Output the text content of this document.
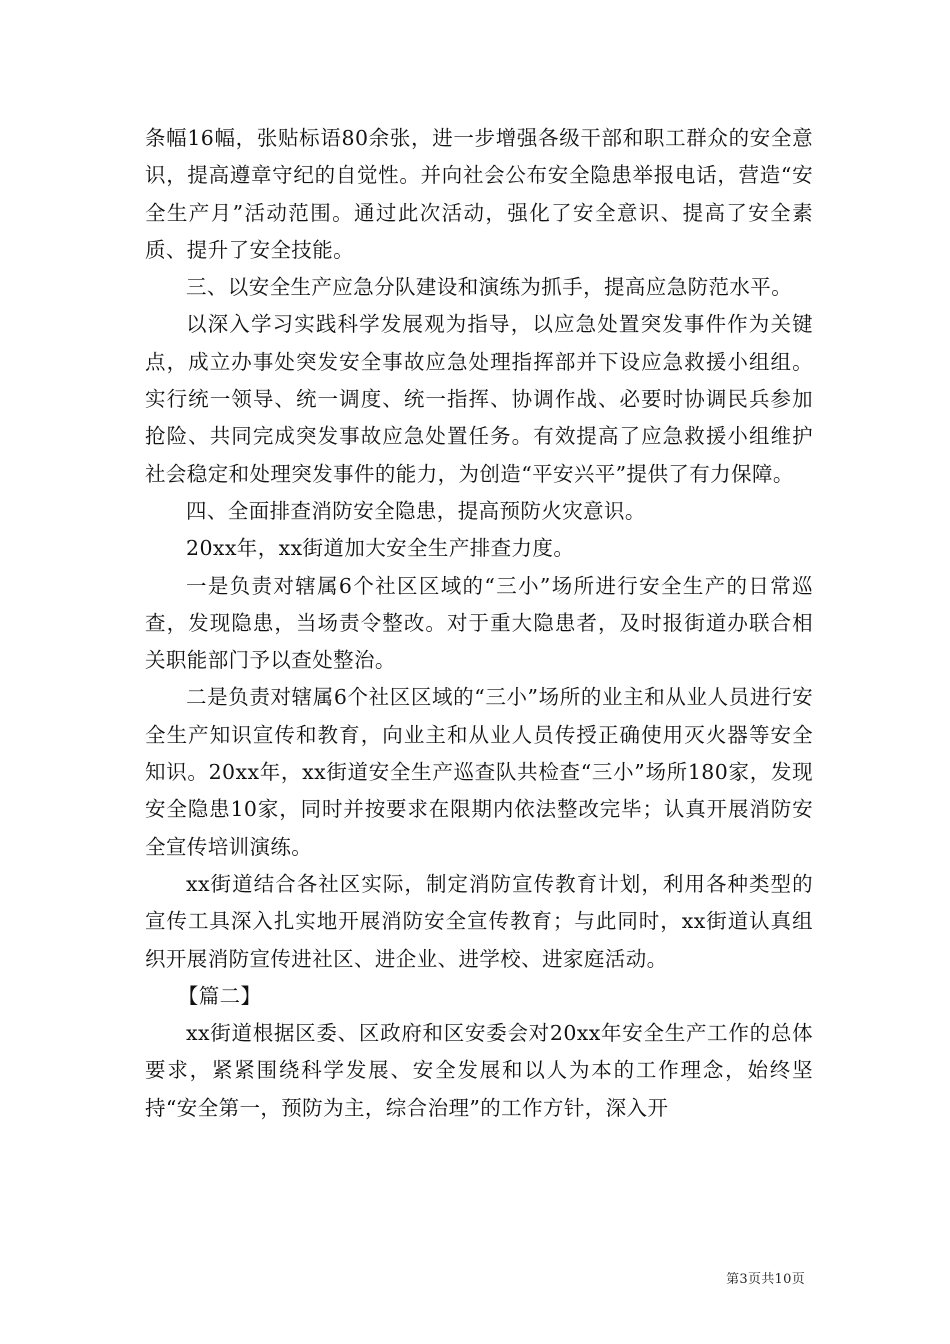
条幅16幅，张贴标语80余张，进一步增强各级干部和职工群众的安全意识，提高遵章守纪的自觉性。并向社会公布安全隐患举报电话，营造“安全生产月”活动范围。通过此次活动，强化了安全意识、提高了安全素质、提升了安全技能。

三、以安全生产应急分队建设和演练为抓手，提高应急防范水平。

以深入学习实践科学发展观为指导，以应急处置突发事件作为关键点，成立办事处突发安全事故应急处理指挥部并下设应急救援小组组。实行统一领导、统一调度、统一指挥、协调作战、必要时协调民兵参加抢险、共同完成突发事故应急处置任务。有效提高了应急救援小组维护社会稳定和处理突发事件的能力，为创造“平安兴平”提供了有力保障。

四、全面排查消防安全隐患，提高预防火灾意识。

20xx年，xx街道加大安全生产排查力度。

一是负责对辖属6个社区区域的“三小”场所进行安全生产的日常巡查，发现隐患，当场责令整改。对于重大隐患者，及时报街道办联合相关职能部门予以查处整治。

二是负责对辖属6个社区区域的“三小”场所的业主和从业人员进行安全生产知识宣传和教育，向业主和从业人员传授正确使用灭火器等安全知识。20xx年，xx街道安全生产巡查队共检查“三小”场所180家，发现安全隐患10家，同时并按要求在限期内依法整改完毕；认真开展消防安全宣传培训演练。

xx街道结合各社区实际，制定消防宣传教育计划，利用各种类型的宣传工具深入扎实地开展消防安全宣传教育；与此同时，xx街道认真组织开展消防宣传进社区、进企业、进学校、进家庭活动。

【篇二】

xx街道根据区委、区政府和区安委会对20xx年安全生产工作的总体要求，紧紧围绕科学发展、安全发展和以人为本的工作理念，始终坚持“安全第一，预防为主，综合治理”的工作方针，深入开

第3页共10页
